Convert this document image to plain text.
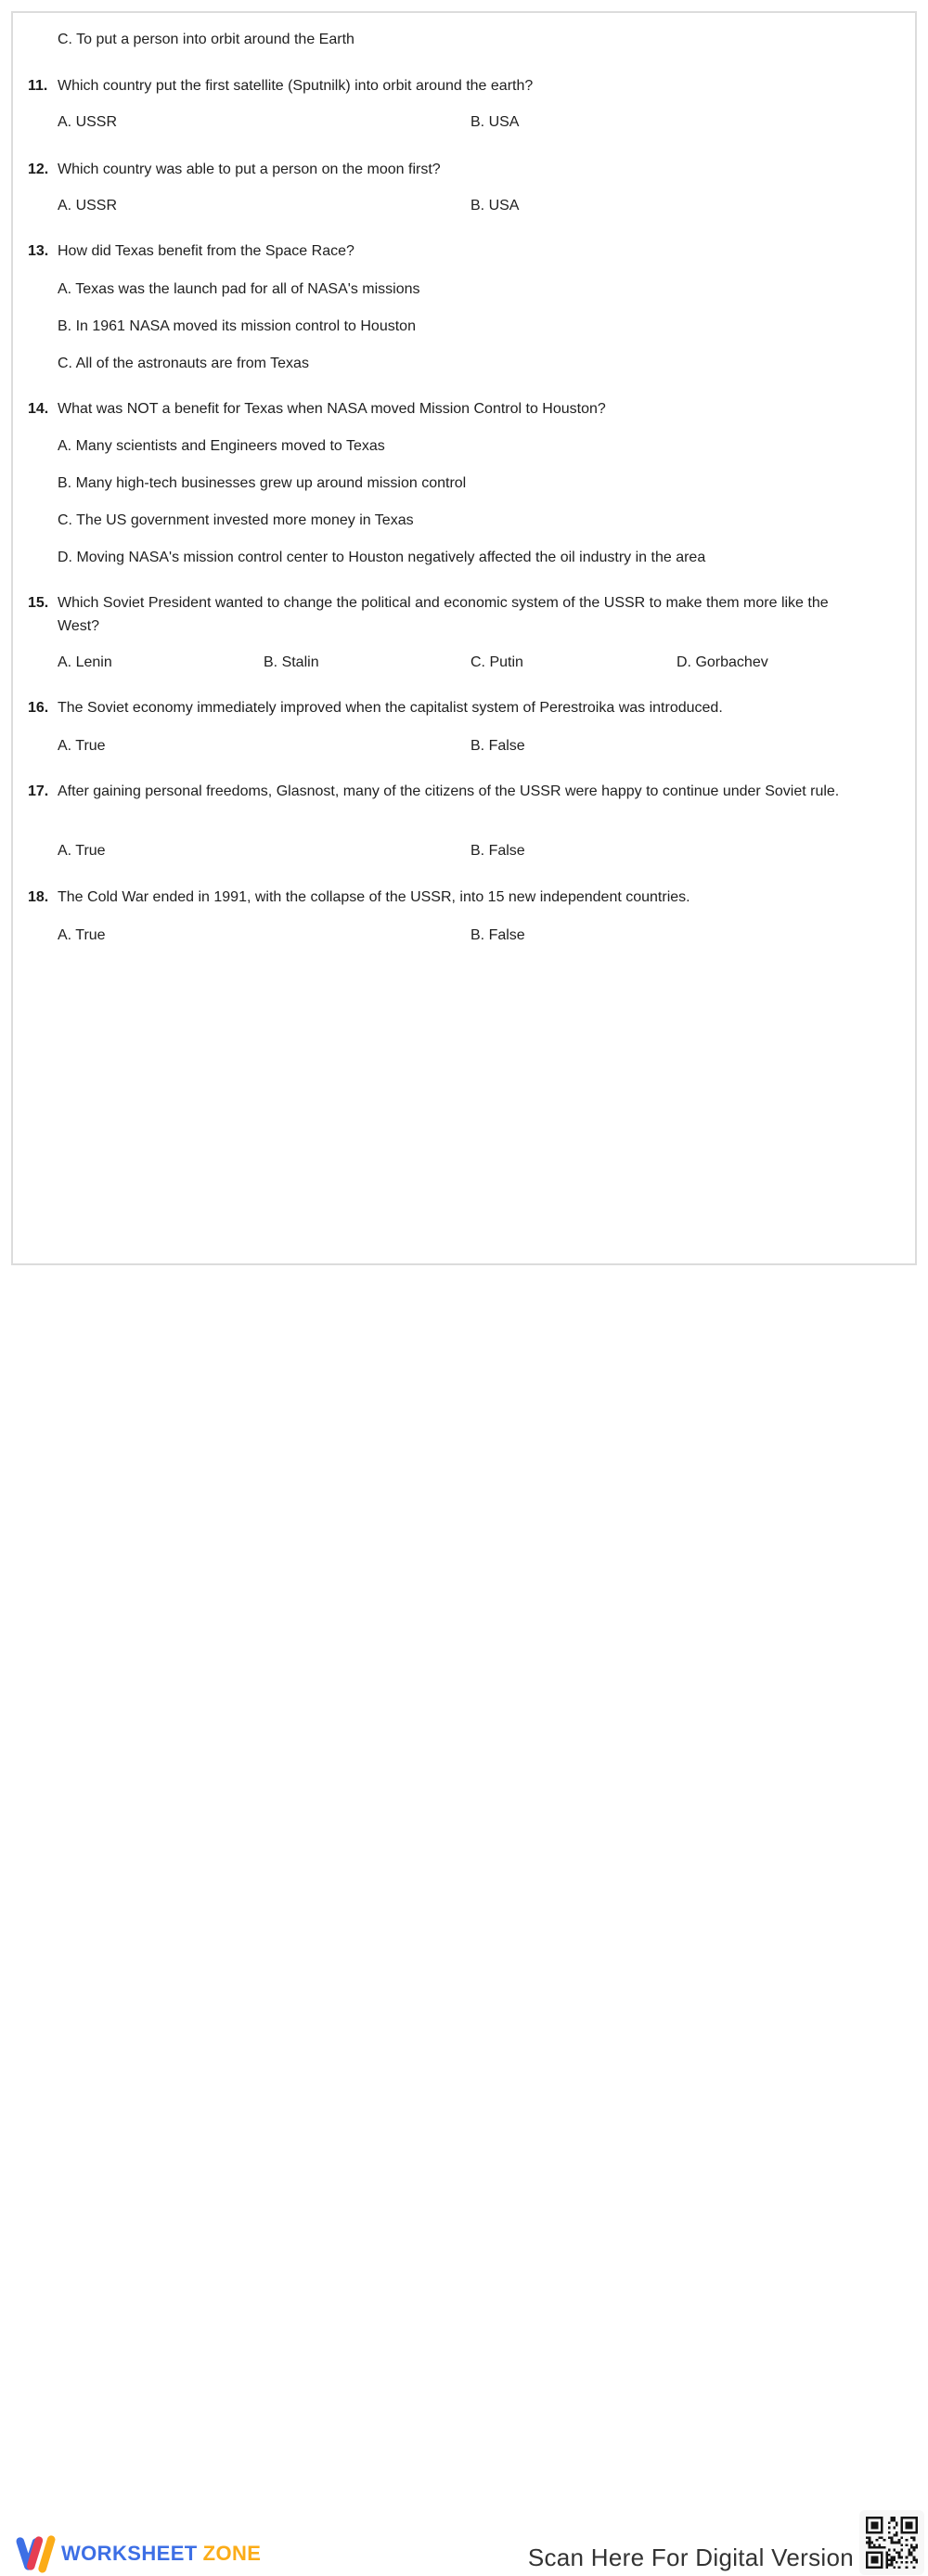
C. To put a person into orbit around the Earth
11. Which country put the first satellite (Sputnilk) into orbit around the earth?
A. USSR	B. USA
12. Which country was able to put a person on the moon first?
A. USSR	B. USA
13. How did Texas benefit from the Space Race?
A. Texas was the launch pad for all of NASA's missions
B. In 1961 NASA moved its mission control to Houston
C. All of the astronauts are from Texas
14. What was NOT a benefit for Texas when NASA moved Mission Control to Houston?
A. Many scientists and Engineers moved to Texas
B. Many high-tech businesses grew up around mission control
C. The US government invested more money in Texas
D. Moving NASA's mission control center to Houston negatively affected the oil industry in the area
15. Which Soviet President wanted to change the political and economic system of the USSR to make them more like the West?
A. Lenin	B. Stalin	C. Putin	D. Gorbachev
16. The Soviet economy immediately improved when the capitalist system of Perestroika was introduced.
A. True	B. False
17. After gaining personal freedoms, Glasnost, many of the citizens of the USSR were happy to continue under Soviet rule.
A. True	B. False
18. The Cold War ended in 1991, with the collapse of the USSR, into 15 new independent countries.
A. True	B. False
WORKSHEET ZONE	Scan Here For Digital Version
